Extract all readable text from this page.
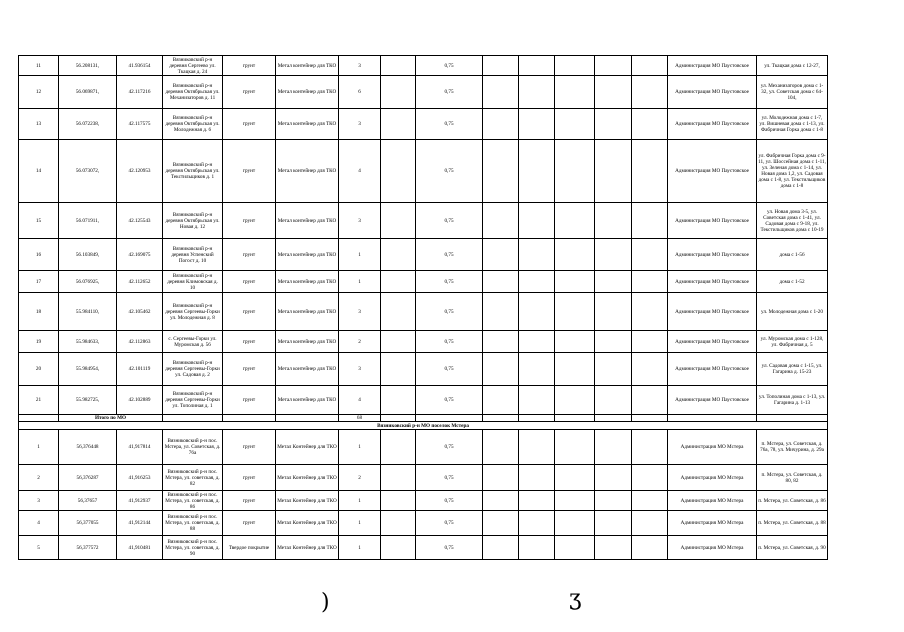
11	56.208131,	41.936154	Вязниковский р-н деревня Сергеево ул. Ткацкая д. 24	грунт	Метал контейнер для ТКО	3		0,75						Администрация МО Паустовское	ул. Ткацкая дома с 12-27,
12	56.069871,	42.117216	Вязниковский р-н деревня Октябрьская ул. Механизаторов д. 11	грунт	Метал контейнер для ТКО	6		0,75						Администрация МО Паустовское	ул. Механизаторов дома с 1-32, ул. Советская дома с 64-104,
13	56.072238,	42.117575	Вязниковский р-н деревня Октябрьская ул. Молодежная д. 6	грунт	Метал контейнер для ТКО	3		0,75						Администрация МО Паустовское	ул. Молодежная дома с 1-7, ул. Вишневая дома с 1-13, ул. Фабричная Горка дома с 1-8
14	56.073072,	42.120953	Вязниковский р-н деревня Октябрьская ул. Текстильщиков д. 1	грунт	Метал контейнер для ТКО	4		0,75						Администрация МО Паустовское	ул. Фабричная Горка дома с 9-11, ул. Шоссейная дома с 1-11, ул. Зеленая дома с 1-14, ул. Новая дома 1,2, ул. Садовая дома с 1-8, ул. Текстильщиков дома с 1-8
15	56.071911,	42.125543	Вязниковский р-н деревня Октябрьская ул. Новая д. 12	грунт	Метал контейнер для ТКО	3		0,75						Администрация МО Паустовское	ул. Новая дома 3-5, ул. Советская дома с 1-41, ул. Садовая дома с 9-18, ул. Текстильщиков дома с 10-19
16	56.103849,	42.169075	Вязниковский р-н деревня Успенский Погост д. 10	грунт	Метал контейнер для ТКО	1		0,75						Администрация МО Паустовское	дома с 1-56
17	56.076925,	42.112652	Вязниковский р-н деревня Климовская д. 10	грунт	Метал контейнер для ТКО	1		0,75						Администрация МО Паустовское	дома с 1-52
18	55.984110,	42.105462	Вязниковский р-н деревня Сергеевы-Горки ул. Молодежная д. 8	грунт	Метал контейнер для ТКО	3		0,75						Администрация МО Паустовское	ул. Молодежная дома с 1-20
19	55.984633,	42.112863	с. Сергеевы-Горки ул. Муромская д. 56	грунт	Метал контейнер для ТКО	2		0,75						Администрация МО Паустовское	ул. Муромская дома с 1-128, ул. Фабричная д. 5
20	55.984954,	42.101119	Вязниковский р-н деревня Сергеевы-Горки ул. Садовая д. 2	грунт	Метал контейнер для ТКО	3		0,75						Администрация МО Паустовское	ул. Садовая дома с 1-15, ул. Гагарина д. 15-23
21	55.982725,	42.102889	Вязниковский р-н деревня Сергеевы-Горки ул. Тополиная д. 1	грунт	Метал контейнер для ТКО	4		0,75						Администрация МО Паустовское	ул. Тополиная дома с 1-13, ул. Гагарина д. 1-13
	Итого по МО					68									
Вязниковский р-н МО поселок Мстера															
1	56,376448	41,917814	Вязниковский р-н пос. Мстера, ул. Советская, д. 76а	грунт	Метал Контейнер для ТКО	1		0,75						Администрация МО Мстера	п. Мстера, ул. Советская, д. 76а, 78, ул. Мичурина, д. 29а
2	56,376287	41,916253	Вязниковский р-н пос. Мстера, ул. советская, д. 82	грунт	Метал Контейнер для ТКО	2		0,75						Администрация МО Мстера	п. Мстера, ул. Советская, д. 80, 82
3	56,37657	41,912937	Вязниковский р-н пос. Мстера, ул. советская, д. 86	грунт	Метал Контейнер для ТКО	1		0,75						Администрация МО Мстера	п. Мстера, ул. Советская, д. 86
4	56,377055	41,912144	Вязниковский р-н пос. Мстера, ул. советская, д. 88	грунт	Метал Контейнер для ТКО	1		0,75						Администрация МО Мстера	п. Мстера, ул. Советская, д. 88
5	56,377572	41,910481	Вязниковский р-н пос. Мстера, ул. советская, д. 90	Твердое покрытие	Метал Контейнер для ТКО	1		0,75						Администрация МО Мстера	п. Мстера, ул. Советская, д. 90
)	ʒ
